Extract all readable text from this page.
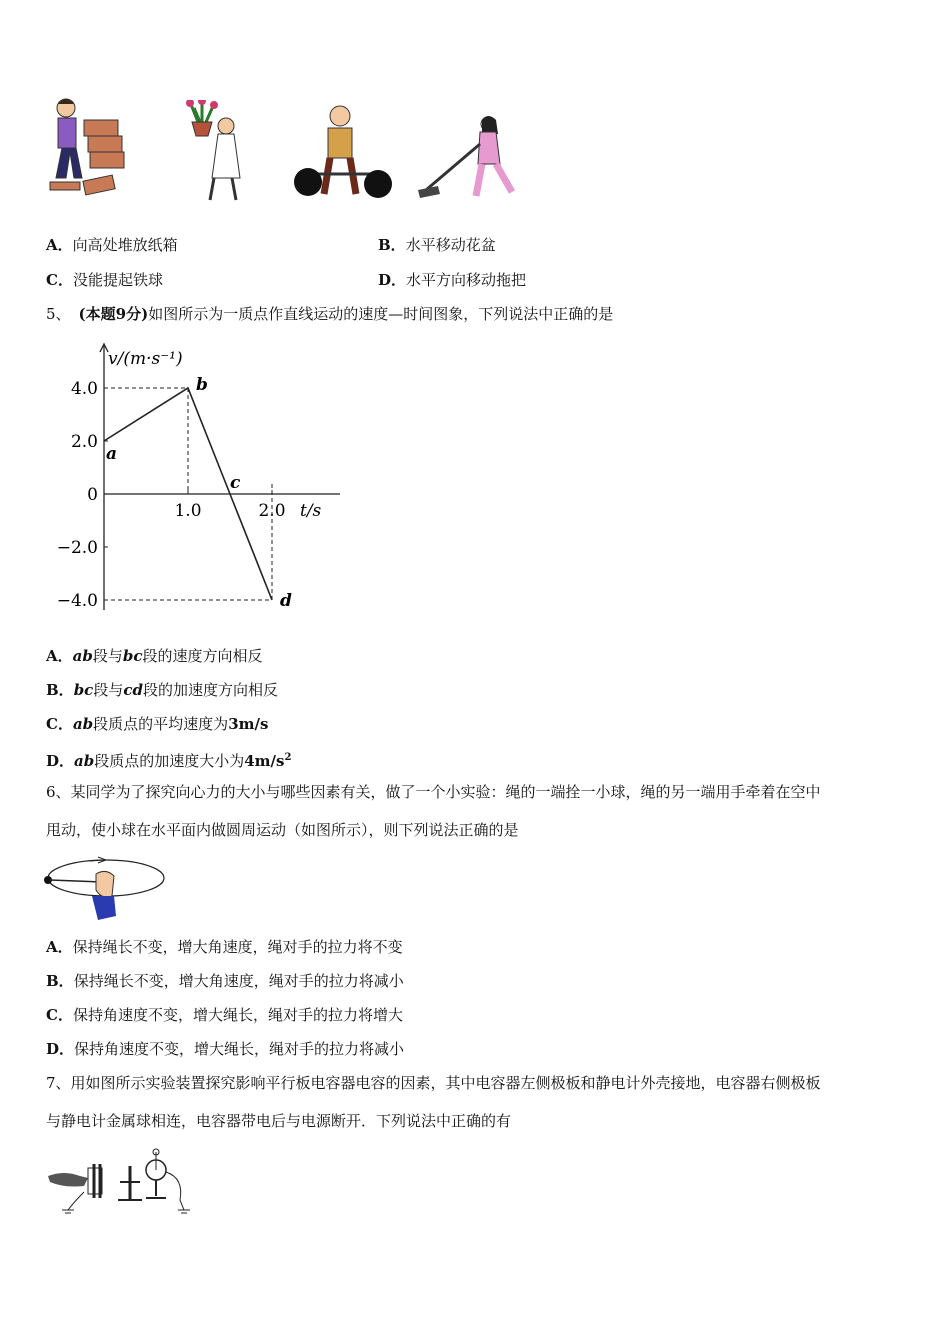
A．向高处堆放纸箱	B．水平移动花盆
C．没能提起铁球	D．水平方向移动拖把
5、 (本题9分)如图所示为一质点作直线运动的速度—时间图象，下列说法中正确的是
v/(m·s⁻¹)
t/s
4.0
2.0
0
−2.0
−4.0
1.0	2.0
a
b
c
d
A．ab段与bc段的速度方向相反
B．bc段与cd段的加速度方向相反
C．ab段质点的平均速度为3m/s
D．ab段质点的加速度大小为$4m/s^2$
6、某同学为了探究向心力的大小与哪些因素有关，做了一个小实验：绳的一端拴一小球，绳的另一端用手牵着在空中
甩动，使小球在水平面内做圆周运动（如图所示），则下列说法正确的是
A．保持绳长不变，增大角速度，绳对手的拉力将不变
B．保持绳长不变，增大角速度，绳对手的拉力将减小
C．保持角速度不变，增大绳长，绳对手的拉力将增大
D．保持角速度不变，增大绳长，绳对手的拉力将减小
7、用如图所示实验装置探究影响平行板电容器电容的因素，其中电容器左侧极板和静电计外壳接地，电容器右侧极板
与静电计金属球相连，电容器带电后与电源断开．下列说法中正确的有
